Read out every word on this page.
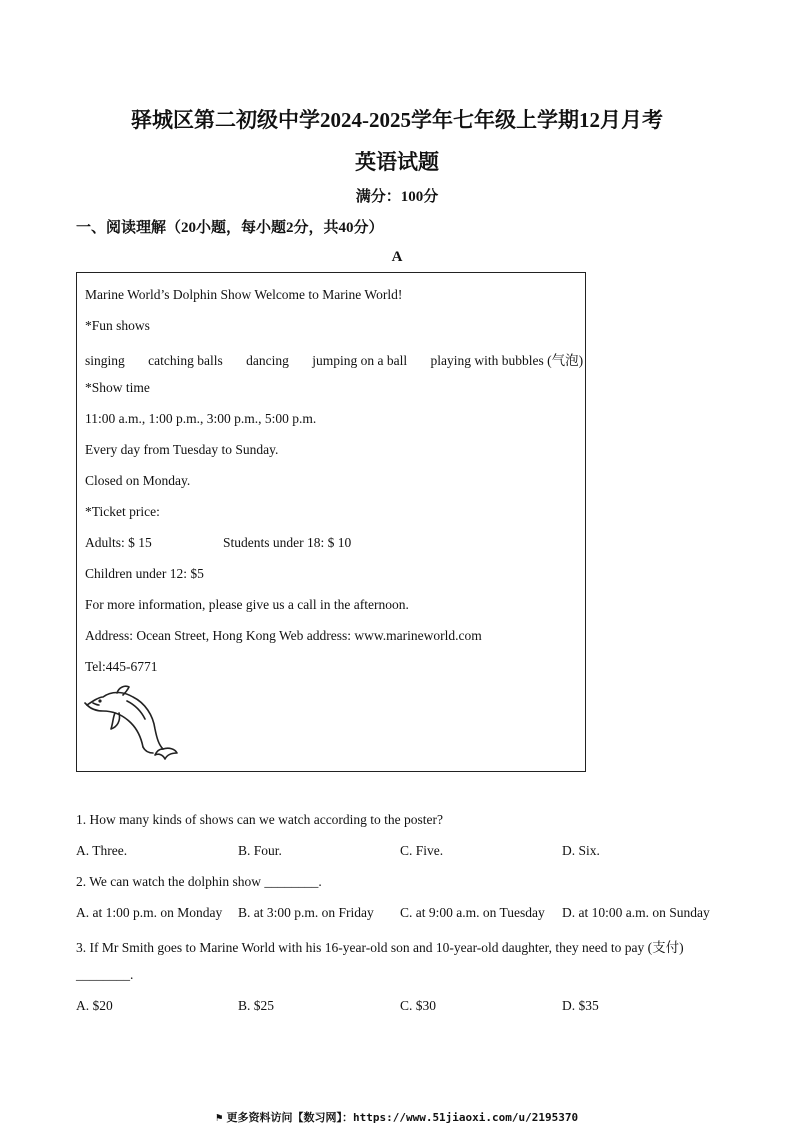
驿城区第二初级中学2024-2025学年七年级上学期12月月考
英语试题
满分：100分
一、阅读理解（20小题，每小题2分，共40分）
A
Marine World’s Dolphin Show Welcome to Marine World!
*Fun shows
singing catching balls dancing jumping on a ball playing with bubbles (气泡)
*Show time
11:00 a.m., 1:00 p.m., 3:00 p.m., 5:00 p.m.
Every day from Tuesday to Sunday.
Closed on Monday.
*Ticket price:
Adults: $ 15	Students under 18: $ 10
Children under 12: $5
For more information, please give us a call in the afternoon.
Address: Ocean Street, Hong Kong Web address: www.marineworld.com
Tel:445-6771
1. How many kinds of shows can we watch according to the poster?
A. Three.	B. Four.	C. Five.	D. Six.
2. We can watch the dolphin show ________.
A. at 1:00 p.m. on Monday B. at 3:00 p.m. on Friday C. at 9:00 a.m. on Tuesday D. at 10:00 a.m. on Sunday
3. If Mr Smith goes to Marine World with his 16-year-old son and 10-year-old daughter, they need to pay (支付)
________.
A. $20	B. $25	C. $30	D. $35
⚑ 更多资料访问【数习网】：https://www.51jiaoxi.com/u/2195370
